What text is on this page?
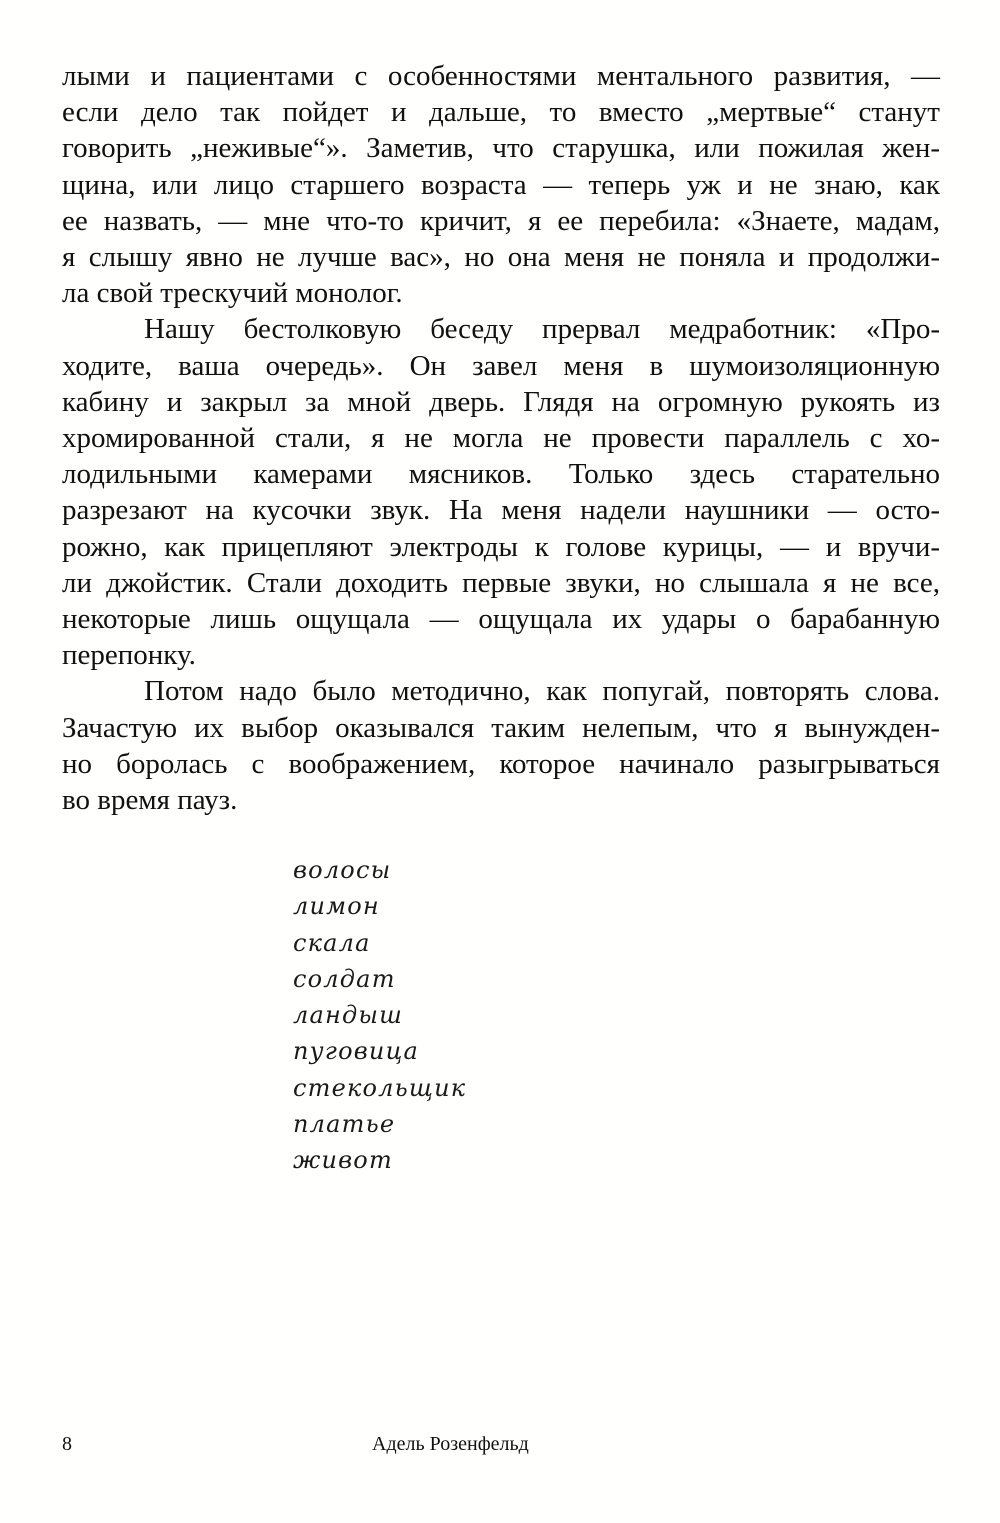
лыми и пациентами с особенностями ментального развития, —
если дело так пойдет и дальше, то вместо „мертвые“ станут
говорить „неживые“». Заметив, что старушка, или пожилая жен-
щина, или лицо старшего возраста — теперь уж и не знаю, как
ее назвать, — мне что-то кричит, я ее перебила: «Знаете, мадам,
я слышу явно не лучше вас», но она меня не поняла и продолжи-
ла свой трескучий монолог.
Нашу бестолковую беседу прервал медработник: «Про-
ходите, ваша очередь». Он завел меня в шумоизоляционную
кабину и закрыл за мной дверь. Глядя на огромную рукоять из
хромированной стали, я не могла не провести параллель с хо-
лодильными камерами мясников. Только здесь старательно
разрезают на кусочки звук. На меня надели наушники — осто-
рожно, как прицепляют электроды к голове курицы, — и вручи-
ли джойстик. Стали доходить первые звуки, но слышала я не все,
некоторые лишь ощущала — ощущала их удары о барабанную
перепонку.
Потом надо было методично, как попугай, повторять слова.
Зачастую их выбор оказывался таким нелепым, что я вынужден-
но боролась с воображением, которое начинало разыгрываться
во время пауз.
волосы
лимон
скала
солдат
ландыш
пуговица
стекольщик
платье
живот
8	Адель Розенфельд
